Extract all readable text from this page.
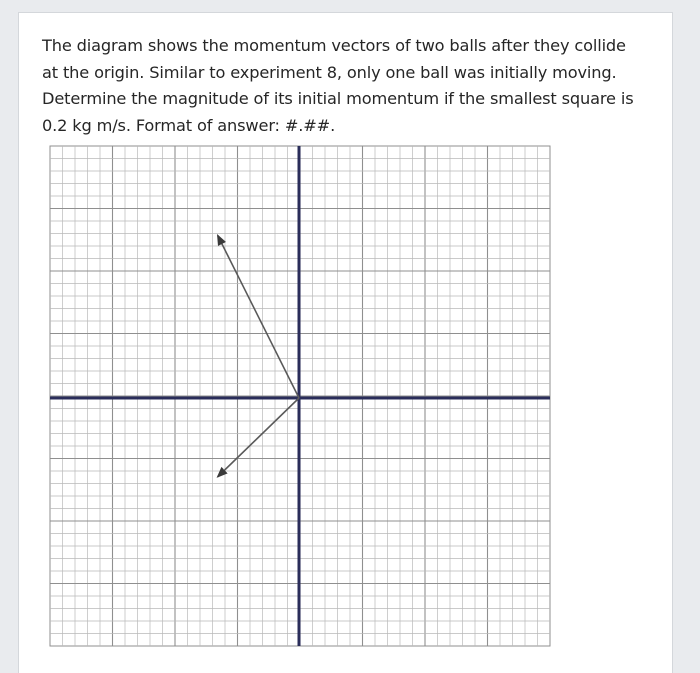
The diagram shows the momentum vectors of two balls after they collide at the origin. Similar to experiment 8, only one ball was initially moving. Determine the magnitude of its initial momentum if the smallest square is 0.2 kg m/s. Format of answer: #.##.
